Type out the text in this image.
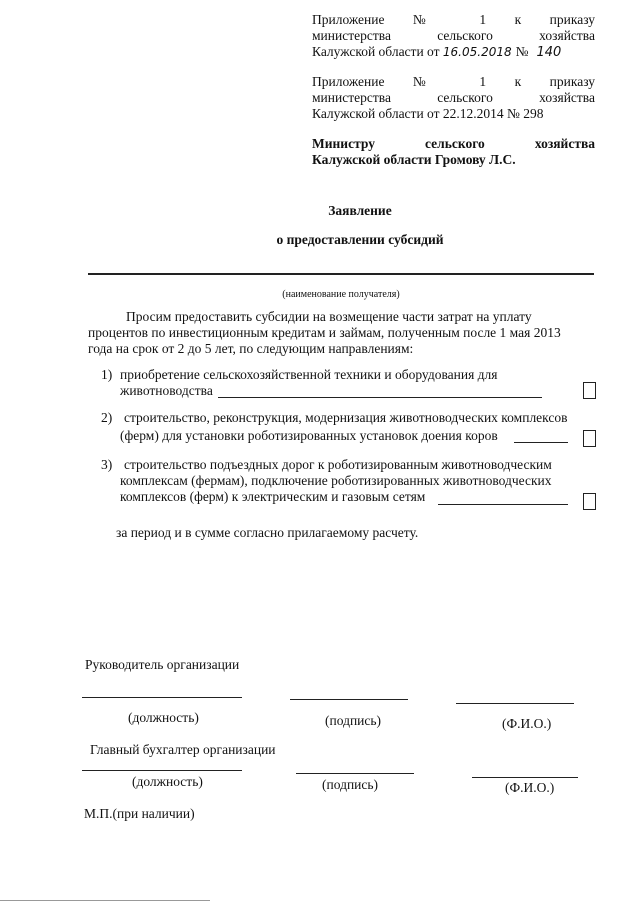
Приложение № 1 к приказу
министерства сельского хозяйства
Калужской области от 16.05.2018 № 140
Приложение № 1 к приказу
министерства сельского хозяйства
Калужской области от 22.12.2014 № 298
Министру сельского хозяйства
Калужской области Громову Л.С.
Заявление
о предоставлении субсидий
(наименование получателя)
Просим предоставить субсидии на возмещение части затрат на уплату
процентов по инвестиционным кредитам и займам, полученным после 1 мая 2013
года на срок от 2 до 5 лет, по следующим направлениям:
1) приобретение сельскохозяйственной техники и оборудования для
животноводства
2) строительство, реконструкция, модернизация животноводческих комплексов
(ферм) для установки роботизированных установок доения коров
3) строительство подъездных дорог к роботизированным животноводческим
комплексам (фермам), подключение роботизированных животноводческих
комплексов (ферм) к электрическим и газовым сетям
за период и в сумме согласно прилагаемому расчету.
Руководитель организации
(должность)	(подпись)	(Ф.И.О.)
Главный бухгалтер организации
(должность)	(подпись)	(Ф.И.О.)
М.П.(при наличии)
